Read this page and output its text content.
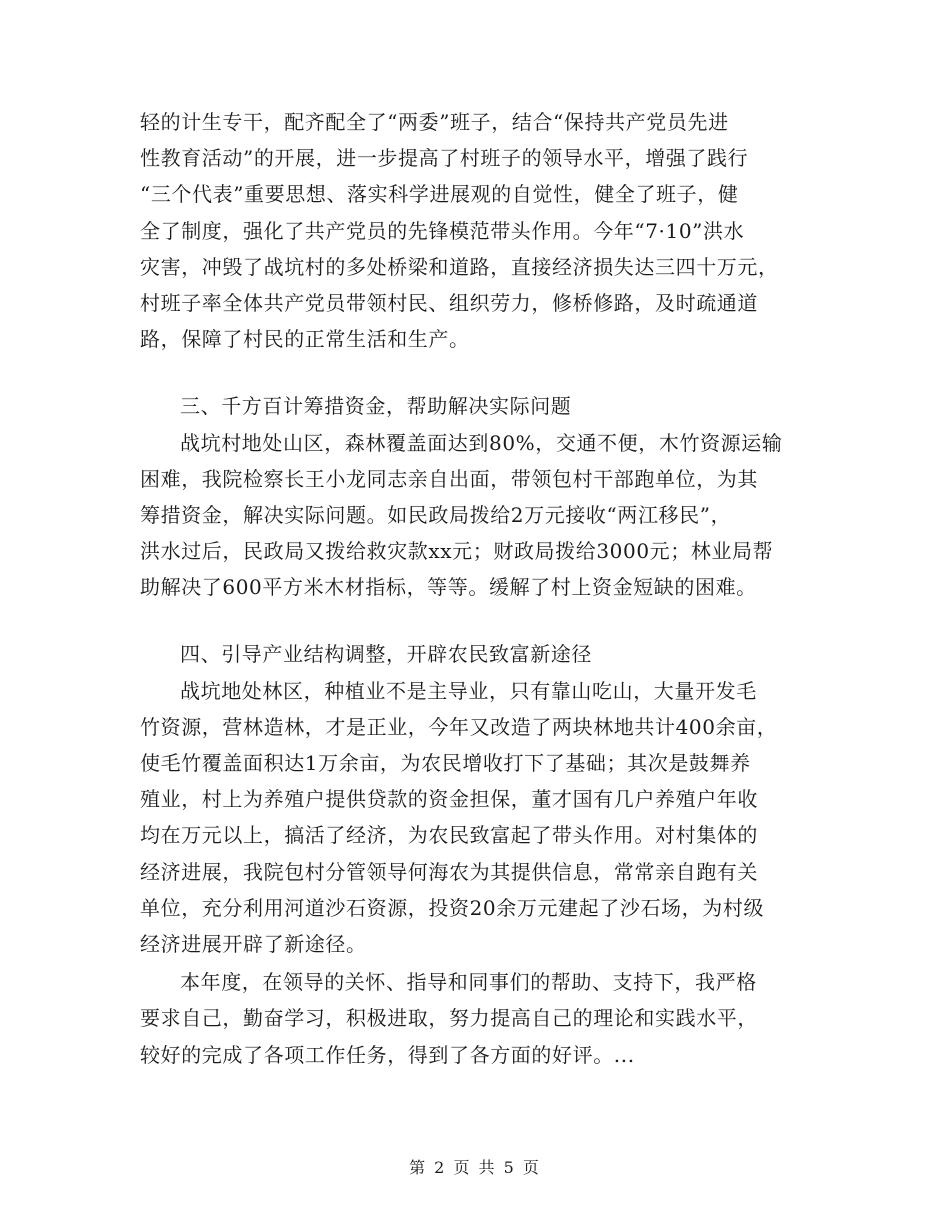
轻的计生专干，配齐配全了“两委”班子，结合“保持共产党员先进
性教育活动”的开展，进一步提高了村班子的领导水平，增强了践行
“三个代表”重要思想、落实科学进展观的自觉性，健全了班子，健
全了制度，强化了共产党员的先锋模范带头作用。今年“7·10”洪水
灾害，冲毁了战坑村的多处桥梁和道路，直接经济损失达三四十万元，
村班子率全体共产党员带领村民、组织劳力，修桥修路，及时疏通道
路，保障了村民的正常生活和生产。
三、千方百计筹措资金，帮助解决实际问题
战坑村地处山区，森林覆盖面达到80%，交通不便，木竹资源运输
困难，我院检察长王小龙同志亲自出面，带领包村干部跑单位，为其
筹措资金，解决实际问题。如民政局拨给2万元接收“两江移民”，
洪水过后，民政局又拨给救灾款xx元；财政局拨给3000元；林业局帮
助解决了600平方米木材指标，等等。缓解了村上资金短缺的困难。
四、引导产业结构调整，开辟农民致富新途径
战坑地处林区，种植业不是主导业，只有靠山吃山，大量开发毛
竹资源，营林造林，才是正业，今年又改造了两块林地共计400余亩，
使毛竹覆盖面积达1万余亩，为农民增收打下了基础；其次是鼓舞养
殖业，村上为养殖户提供贷款的资金担保，董才国有几户养殖户年收
均在万元以上，搞活了经济，为农民致富起了带头作用。对村集体的
经济进展，我院包村分管领导何海农为其提供信息，常常亲自跑有关
单位，充分利用河道沙石资源，投资20余万元建起了沙石场，为村级
经济进展开辟了新途径。
本年度，在领导的关怀、指导和同事们的帮助、支持下，我严格
要求自己，勤奋学习，积极进取，努力提高自己的理论和实践水平，
较好的完成了各项工作任务，得到了各方面的好评。...
第 2 页 共 5 页
